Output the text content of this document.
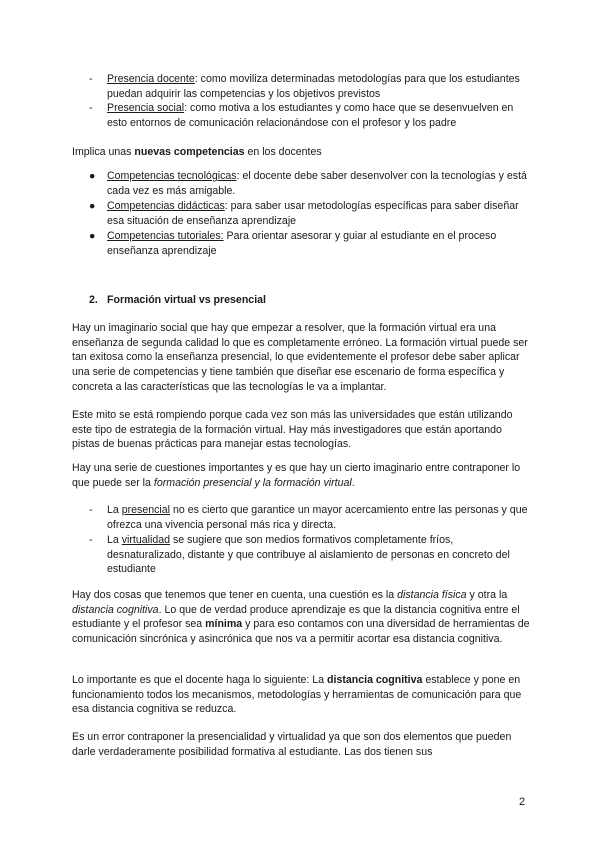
- Presencia docente: como moviliza determinadas metodologías para que los estudiantes puedan adquirir las competencias y los objetivos previstos
- Presencia social: como motiva a los estudiantes y como hace que se desenvuelven en esto entornos de comunicación relacionándose con el profesor y los padre

Implica unas nuevas competencias en los docentes

● Competencias tecnológicas: el docente debe saber desenvolver con la tecnologías y está cada vez es más amigable.
● Competencias didácticas: para saber usar metodologías específicas para saber diseñar esa situación de enseñanza aprendizaje
● Competencias tutoriales: Para orientar asesorar y guiar al estudiante en el proceso enseñanza aprendizaje
2. Formación virtual vs presencial

Hay un imaginario social que hay que empezar a resolver, que la formación virtual era una enseñanza de segunda calidad lo que es completamente erróneo. La formación virtual puede ser tan exitosa como la enseñanza presencial, lo que evidentemente el profesor debe saber aplicar una serie de competencias y tiene también que diseñar ese escenario de forma específica y concreta a las características que las tecnologías le va a implantar.

Este mito se está rompiendo porque cada vez son más las universidades que están utilizando este tipo de estrategia de la formación virtual. Hay más investigadores que están aportando pistas de buenas prácticas para manejar estas tecnologías.

Hay una serie de cuestiones importantes y es que hay un cierto imaginario entre contraponer lo que puede ser la formación presencial y la formación virtual.

- La presencial no es cierto que garantice un mayor acercamiento entre las personas y que ofrezca una vivencia personal más rica y directa.
- La virtualidad se sugiere que son medios formativos completamente fríos, desnaturalizado, distante y que contribuye al aislamiento de personas en concreto del estudiante

Hay dos cosas que tenemos que tener en cuenta, una cuestión es la distancia física y otra la distancia cognitiva. Lo que de verdad produce aprendizaje es que la distancia cognitiva entre el estudiante y el profesor sea mínima y para eso contamos con una diversidad de herramientas de comunicación sincrónica y asincrónica que nos va a permitir acortar esa distancia cognitiva.

Lo importante es que el docente haga lo siguiente: La distancia cognitiva establece y pone en funcionamiento todos los mecanismos, metodologías y herramientas de comunicación para que esa distancia cognitiva se reduzca.

Es un error contraponer la presencialidad y virtualidad ya que son dos elementos que pueden darle verdaderamente posibilidad formativa al estudiante. Las dos tienen sus

2
